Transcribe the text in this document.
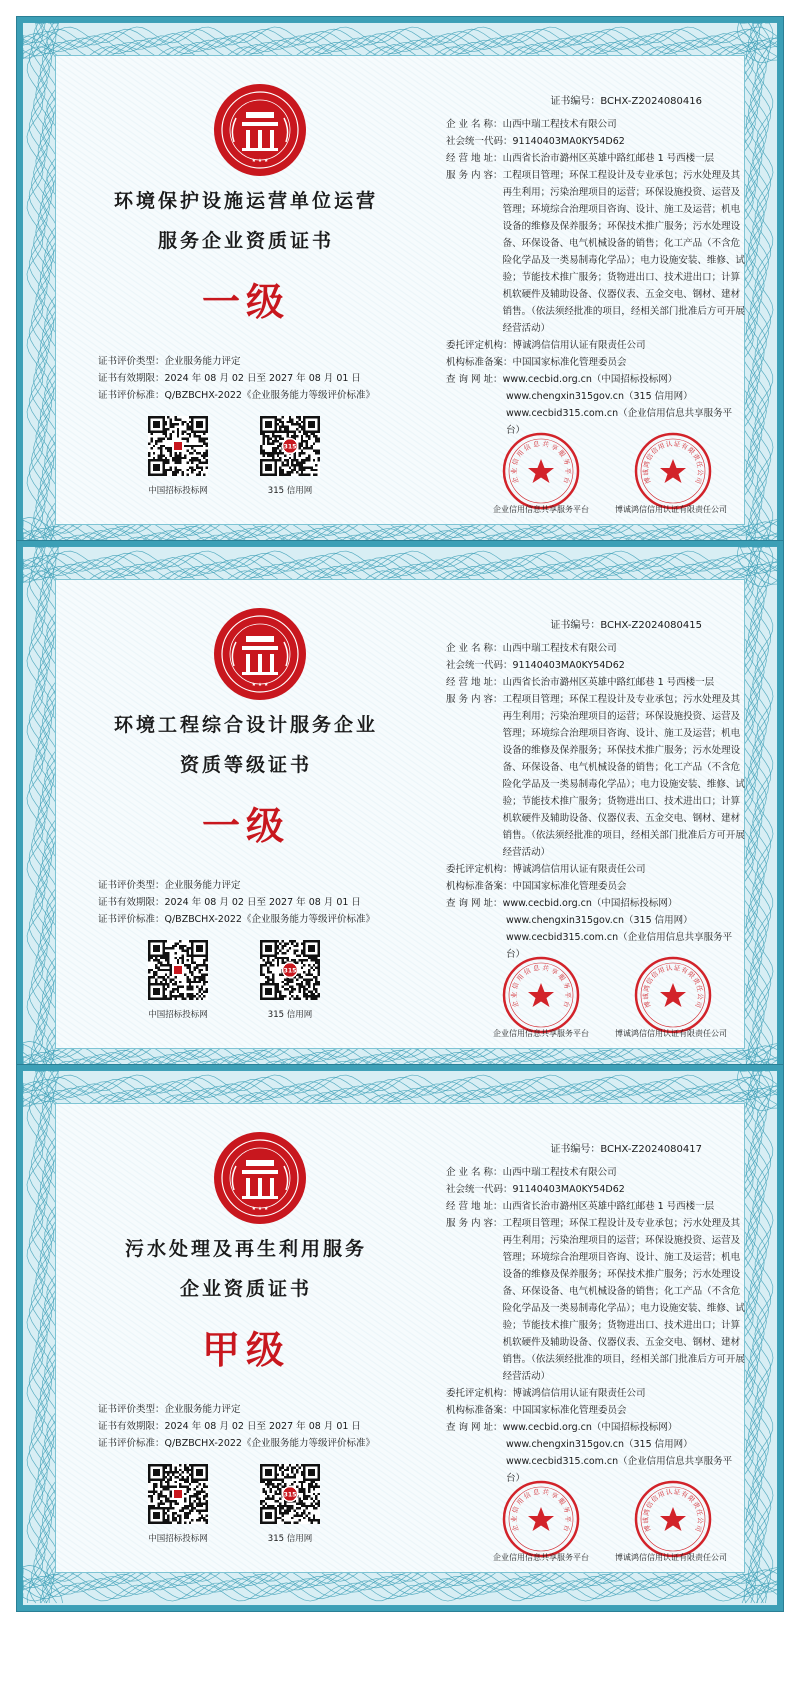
证书编号：BCHX-Z2024080416
★ ★ ★
环境保护设施运营单位运营
服务企业资质证书
一级
证书评价类型：企业服务能力评定
证书有效期限：2024 年 08 月 02 日至 2027 年 08 月 01 日
证书评价标准：Q/BZBCHX-2022《企业服务能力等级评价标准》
315
中国招标投标网	315 信用网
企 业 名 称： 山西中瑞工程技术有限公司
社会统一代码： 91140403MA0KY54D62
经 营 地 址： 山西省长治市潞州区英雄中路红邮巷 1 号西楼一层
服 务 内 容： 工程项目管理；环保工程设计及专业承包；污水处理及其再生利用；污染治理项目的运营；环保设施投资、运营及管理；环境综合治理项目咨询、设计、施工及运营；机电设备的维修及保养服务；环保技术推广服务；污水处理设备、环保设备、电气机械设备的销售；化工产品（不含危险化学品及一类易制毒化学品）；电力设施安装、维修、试验；节能技术推广服务；货物进出口、技术进出口；计算机软硬件及辅助设备、仪器仪表、五金交电、钢材、建材销售。（依法须经批准的项目，经相关部门批准后方可开展经营活动）
委托评定机构： 博诚鸿信信用认证有限责任公司
机构标准备案： 中国国家标准化管理委员会
查 询 网 址： www.cecbid.org.cn（中国招标投标网）
www.chengxin315gov.cn（315 信用网）
www.cecbid315.com.cn（企业信用信息共享服务平台）
企
业
信
用
信 息 共 享
服
务
平
台	博
诚
鸿
信
信
用 认 证 有
限
责
任
公
司
企业信用信息共享服务平台	博诚鸿信信用认证有限责任公司
证书编号：BCHX-Z2024080415
★ ★ ★
环境工程综合设计服务企业
资质等级证书
一级
证书评价类型：企业服务能力评定
证书有效期限：2024 年 08 月 02 日至 2027 年 08 月 01 日
证书评价标准：Q/BZBCHX-2022《企业服务能力等级评价标准》
315
中国招标投标网	315 信用网
企 业 名 称： 山西中瑞工程技术有限公司
社会统一代码： 91140403MA0KY54D62
经 营 地 址： 山西省长治市潞州区英雄中路红邮巷 1 号西楼一层
服 务 内 容： 工程项目管理；环保工程设计及专业承包；污水处理及其再生利用；污染治理项目的运营；环保设施投资、运营及管理；环境综合治理项目咨询、设计、施工及运营；机电设备的维修及保养服务；环保技术推广服务；污水处理设备、环保设备、电气机械设备的销售；化工产品（不含危险化学品及一类易制毒化学品）；电力设施安装、维修、试验；节能技术推广服务；货物进出口、技术进出口；计算机软硬件及辅助设备、仪器仪表、五金交电、钢材、建材销售。（依法须经批准的项目，经相关部门批准后方可开展经营活动）
委托评定机构： 博诚鸿信信用认证有限责任公司
机构标准备案： 中国国家标准化管理委员会
查 询 网 址： www.cecbid.org.cn（中国招标投标网）
www.chengxin315gov.cn（315 信用网）
www.cecbid315.com.cn（企业信用信息共享服务平台）
企
业
信
用
信 息 共 享
服
务
平
台	博
诚
鸿
信
信
用 认 证 有
限
责
任
公
司
企业信用信息共享服务平台	博诚鸿信信用认证有限责任公司
证书编号：BCHX-Z2024080417
★ ★ ★
污水处理及再生利用服务
企业资质证书
甲级
证书评价类型：企业服务能力评定
证书有效期限：2024 年 08 月 02 日至 2027 年 08 月 01 日
证书评价标准：Q/BZBCHX-2022《企业服务能力等级评价标准》
315
中国招标投标网	315 信用网
企 业 名 称： 山西中瑞工程技术有限公司
社会统一代码： 91140403MA0KY54D62
经 营 地 址： 山西省长治市潞州区英雄中路红邮巷 1 号西楼一层
服 务 内 容： 工程项目管理；环保工程设计及专业承包；污水处理及其再生利用；污染治理项目的运营；环保设施投资、运营及管理；环境综合治理项目咨询、设计、施工及运营；机电设备的维修及保养服务；环保技术推广服务；污水处理设备、环保设备、电气机械设备的销售；化工产品（不含危险化学品及一类易制毒化学品）；电力设施安装、维修、试验；节能技术推广服务；货物进出口、技术进出口；计算机软硬件及辅助设备、仪器仪表、五金交电、钢材、建材销售。（依法须经批准的项目，经相关部门批准后方可开展经营活动）
委托评定机构： 博诚鸿信信用认证有限责任公司
机构标准备案： 中国国家标准化管理委员会
查 询 网 址： www.cecbid.org.cn（中国招标投标网）
www.chengxin315gov.cn（315 信用网）
www.cecbid315.com.cn（企业信用信息共享服务平台）
企
业
信
用
信 息 共 享
服
务
平
台	博
诚
鸿
信
信
用 认 证 有
限
责
任
公
司
企业信用信息共享服务平台	博诚鸿信信用认证有限责任公司
